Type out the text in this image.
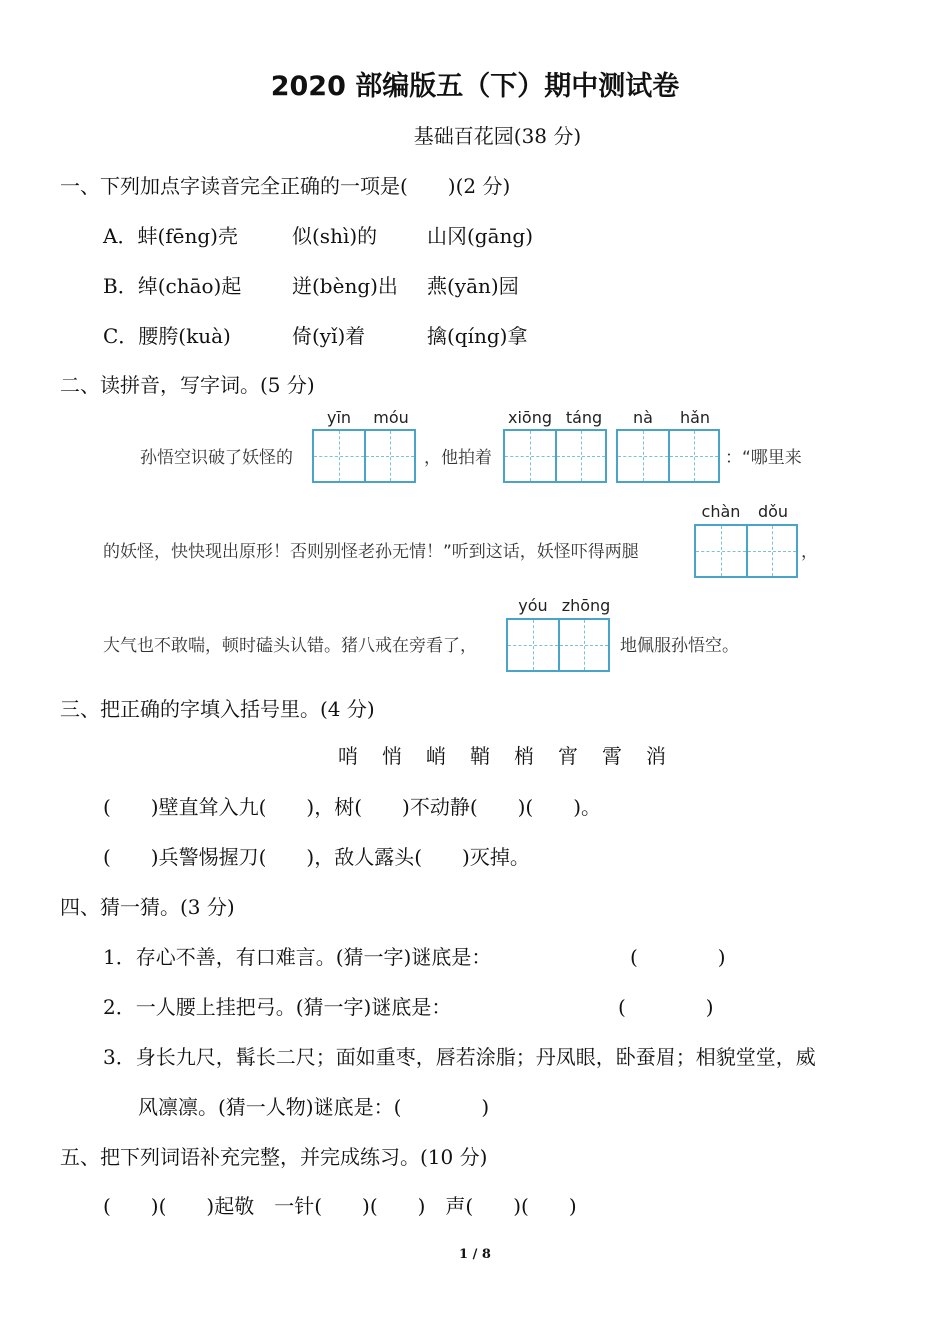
2020 部编版五（下）期中测试卷
基础百花园(38 分)
一、下列加点字读音完全正确的一项是(　　)(2 分)
A．蚌(fēng)壳	似(shì)的 山冈(gāng)
B．绰(chāo)起	迸(bèng)出 燕(yān)园
C．腰胯(kuà)	倚(yǐ)着	擒(qíng)拿
二、读拼音，写字词。(5 分)
yīn	móu	xiōng táng	nà	hǎn
孙悟空识破了妖怪的	，他拍着	：“哪里来
chàn	dǒu
的妖怪，快快现出原形！否则别怪老孙无情！”听到这话，妖怪吓得两腿	，
yóu zhōng
大气也不敢喘，顿时磕头认错。猪八戒在旁看了，	地佩服孙悟空。
三、把正确的字填入括号里。(4 分)
哨 悄 峭 鞘 梢 宵 霄 消
(　　)壁直耸入九(　　)，树(　　)不动静(　　)(　　)。
(　　)兵警惕握刀(　　)，敌人露头(　　)灭掉。
四、猜一猜。(3 分)
1．存心不善，有口难言。(猜一字)谜底是：	(　　　　)
2．一人腰上挂把弓。(猜一字)谜底是：	(　　　　)
3．身长九尺，髯长二尺；面如重枣，唇若涂脂；丹凤眼，卧蚕眉；相貌堂堂，威
风凛凛。(猜一人物)谜底是：(　　　　)
五、把下列词语补充完整，并完成练习。(10 分)
(　　)(　　)起敬　一针(　　)(　　)　声(　　)(　　)
1 / 8
